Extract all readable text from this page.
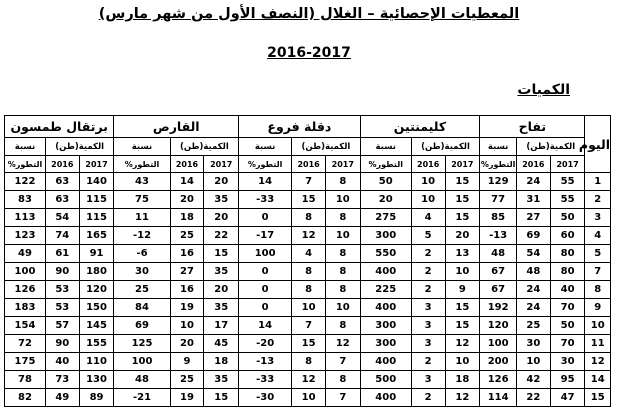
المعطيات الإحصائية – الغلال (النصف الأول من شهر مارس)
2016-2017
الكميات
اليوم	تفاح			كليمنتين			دقلة فروع			القارص			برتقال طمسون		
	الكمية(طن)		نسبة	الكمية(طن)		نسبة	الكمية(طن)		نسبة	الكمية(طن)		نسبة	الكمية(طن)		نسبة
	2017	2016	التطور%	2017	2016	التطور%	2017	2016	التطور%	2017	2016	التطور%	2017	2016	التطور%
1	55	24	129	15	10	50	8	7	14	20	14	43	140	63	122
2	55	31	77	15	10	20	10	15	-33	35	20	75	115	63	83
3	50	27	85	15	4	275	8	8	0	20	18	11	115	54	113
4	60	69	-13	20	5	300	10	12	-17	22	25	-12	165	74	123
5	80	54	48	13	2	550	8	4	100	15	16	-6	91	61	49
7	80	48	67	10	2	400	8	8	0	35	27	30	180	90	100
8	40	24	67	9	2	225	8	8	0	20	16	25	120	53	126
9	70	24	192	15	3	400	10	10	0	35	19	84	150	53	183
10	50	25	120	15	3	300	8	7	14	17	10	69	145	57	154
11	70	30	100	12	3	300	12	15	-20	45	20	125	155	90	72
12	30	10	200	10	2	400	7	8	-13	18	9	100	110	40	175
14	95	42	126	18	3	500	8	12	-33	35	25	48	130	73	78
15	47	22	114	12	2	400	7	10	-30	15	19	-21	89	49	82
